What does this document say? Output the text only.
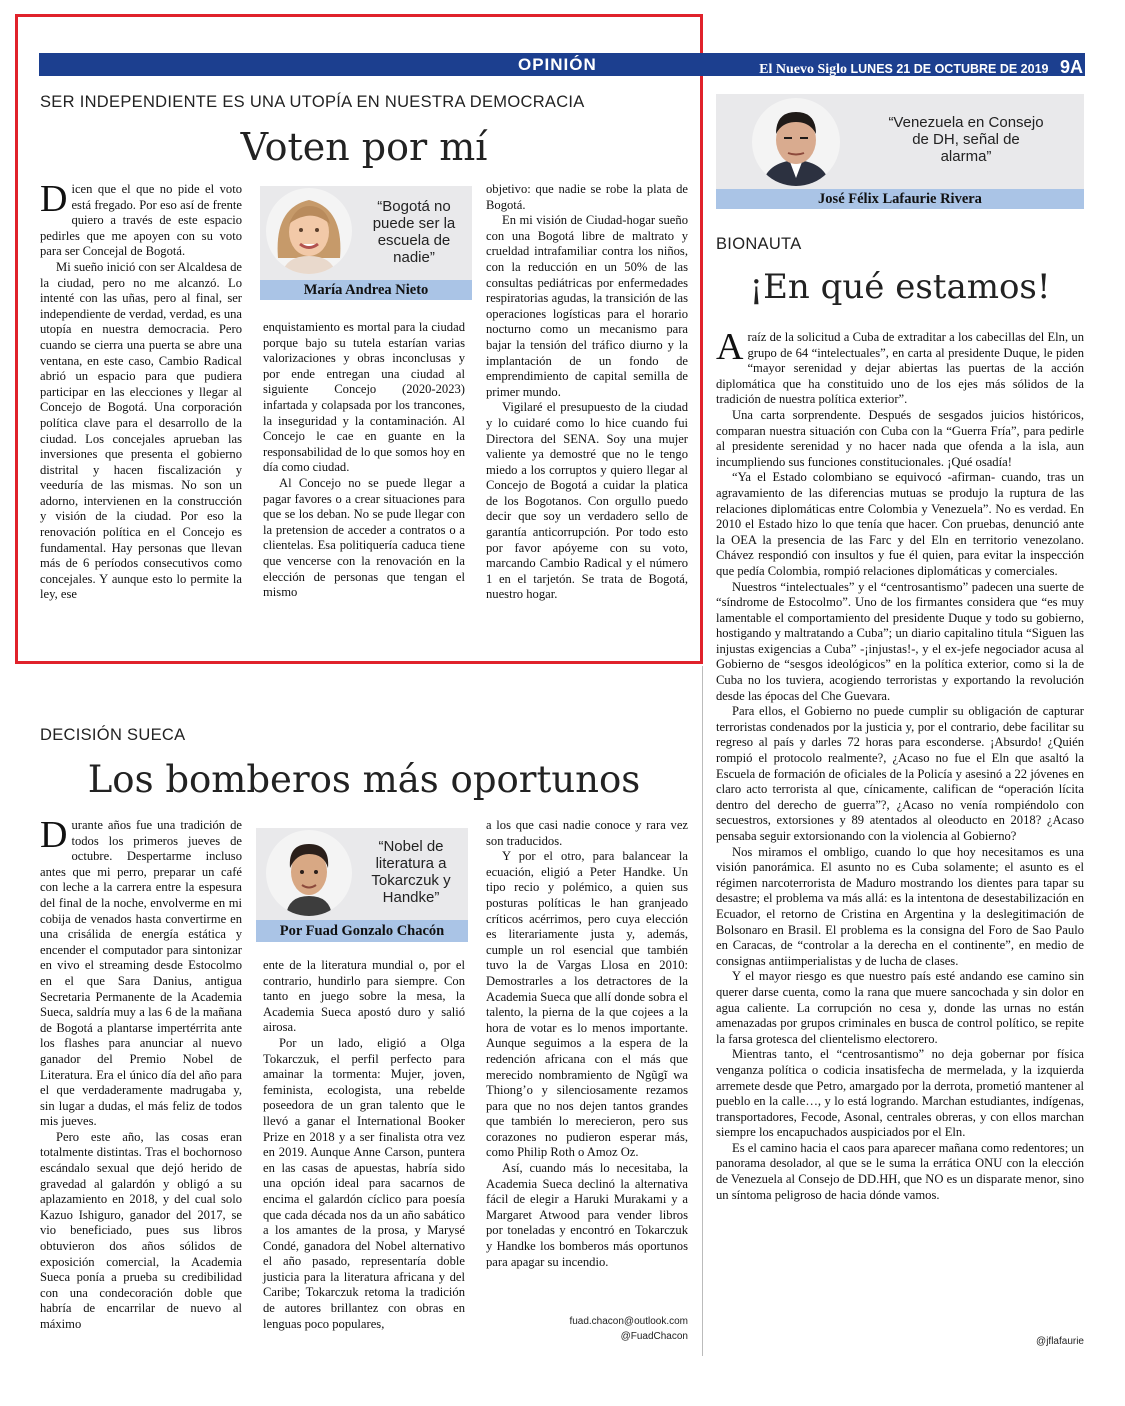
OPINIÓN	El Nuevo Siglo LUNES 21 DE OCTUBRE DE 2019 9A
SER INDEPENDIENTE ES UNA UTOPÍA EN NUESTRA DEMOCRACIA
Voten por mí

Dicen que el que no pide el voto está fregado. Por eso así de frente quiero a través de este espacio pedirles que me apoyen con su voto para ser Concejal de Bogotá.

Mi sueño inició con ser Alcaldesa de la ciudad, pero no me alcanzó. Lo intenté con las uñas, pero al final, ser independiente de verdad, verdad, es una utopía en nuestra democracia. Pero cuando se cierra una puerta se abre una ventana, en este caso, Cambio Radical abrió un espacio para que pudiera participar en las elecciones y llegar al Concejo de Bogotá. Una corporación política clave para el desarrollo de la ciudad. Los concejales aprueban las inversiones que presenta el gobierno distrital y hacen fiscalización y veeduría de las mismas. No son un adorno, intervienen en la construcción y visión de la ciudad. Por eso la renovación política en el Concejo es fundamental. Hay personas que llevan más de 6 períodos consecutivos como concejales. Y aunque esto lo permite la ley, ese

“Bogotá no puede ser la escuela de nadie”
María Andrea Nieto

enquistamiento es mortal para la ciudad porque bajo su tutela estarían varias valorizaciones y obras inconclusas y por ende entregan una ciudad al siguiente Concejo (2020-2023) infartada y colapsada por los trancones, la inseguridad y la contaminación. Al Concejo le cae en guante en la responsabilidad de lo que somos hoy en día como ciudad.

Al Concejo no se puede llegar a pagar favores o a crear situaciones para que se los deban. No se pude llegar con la pretension de acceder a contratos o a clientelas. Esa politiquería caduca tiene que vencerse con la renovación en la elección de personas que tengan el mismo

objetivo: que nadie se robe la plata de Bogotá.

En mi visión de Ciudad-hogar sueño con una Bogotá libre de maltrato y crueldad intrafamiliar contra los niños, con la reducción en un 50% de las consultas pediátricas por enfermedades respiratorias agudas, la transición de las operaciones logísticas para el horario nocturno como un mecanismo para bajar la tensión del tráfico diurno y la implantación de un fondo de emprendimiento de capital semilla de primer mundo.

Vigilaré el presupuesto de la ciudad y lo cuidaré como lo hice cuando fui Directora del SENA. Soy una mujer valiente ya demostré que no le tengo miedo a los corruptos y quiero llegar al Concejo de Bogotá a cuidar la platica de los Bogotanos. Con orgullo puedo decir que soy un verdadero sello de garantía anticorrupción. Por todo esto por favor apóyeme con su voto, marcando Cambio Radical y el número 1 en el tarjetón. Se trata de Bogotá, nuestro hogar.

DECISIÓN SUECA
Los bomberos más oportunos

Durante años fue una tradición de todos los primeros jueves de octubre. Despertarme incluso antes que mi perro, preparar un café con leche a la carrera entre la espesura del final de la noche, envolverme en mi cobija de venados hasta convertirme en una crisálida de energía estática y encender el computador para sintonizar en vivo el streaming desde Estocolmo en el que Sara Danius, antigua Secretaria Permanente de la Academia Sueca, saldría muy a las 6 de la mañana de Bogotá a plantarse impertérrita ante los flashes para anunciar al nuevo ganador del Premio Nobel de Literatura. Era el único día del año para el que verdaderamente madrugaba y, sin lugar a dudas, el más feliz de todos mis jueves.

Pero este año, las cosas eran totalmente distintas. Tras el bochornoso escándalo sexual que dejó herido de gravedad al galardón y obligó a su aplazamiento en 2018, y del cual solo Kazuo Ishiguro, ganador del 2017, se vio beneficiado, pues sus libros obtuvieron dos años sólidos de exposición comercial, la Academia Sueca ponía a prueba su credibilidad con una condecoración doble que habría de encarrilar de nuevo al máximo

“Nobel de literatura a Tokarczuk y Handke”
Por Fuad Gonzalo Chacón

ente de la literatura mundial o, por el contrario, hundirlo para siempre. Con tanto en juego sobre la mesa, la Academia Sueca apostó duro y salió airosa.

Por un lado, eligió a Olga Tokarczuk, el perfil perfecto para amainar la tormenta: Mujer, joven, feminista, ecologista, una rebelde poseedora de un gran talento que le llevó a ganar el International Booker Prize en 2018 y a ser finalista otra vez en 2019. Aunque Anne Carson, puntera en las casas de apuestas, habría sido una opción ideal para sacarnos de encima el galardón cíclico para poesía que cada década nos da un año sabático a los amantes de la prosa, y Marysé Condé, ganadora del Nobel alternativo el año pasado, representaría doble justicia para la literatura africana y del Caribe; Tokarczuk retoma la tradición de autores brillantez con obras en lenguas poco populares,

a los que casi nadie conoce y rara vez son traducidos.

Y por el otro, para balancear la ecuación, eligió a Peter Handke. Un tipo recio y polémico, a quien sus posturas políticas le han granjeado críticos acérrimos, pero cuya elección es literariamente justa y, además, cumple un rol esencial que también tuvo la de Vargas Llosa en 2010: Demostrarles a los detractores de la Academia Sueca que allí donde sobra el talento, la pierna de la que cojees a la hora de votar es lo menos importante. Aunque seguimos a la espera de la redención africana con el más que merecido nombramiento de Ngũgĩ wa Thiong’o y silenciosamente rezamos para que no nos dejen tantos grandes que también lo merecieron, pero sus corazones no pudieron esperar más, como Philip Roth o Amoz Oz.

Así, cuando más lo necesitaba, la Academia Sueca declinó la alternativa fácil de elegir a Haruki Murakami y a Margaret Atwood para vender libros por toneladas y encontró en Tokarczuk y Handke los bomberos más oportunos para apagar su incendio.

fuad.chacon@outlook.com
@FuadChacon
“Venezuela en Consejo de DH, señal de alarma”
José Félix Lafaurie Rivera
BIONAUTA
¡En qué estamos!

Araíz de la solicitud a Cuba de extraditar a los cabecillas del Eln, un grupo de 64 “intelectuales”, en carta al presidente Duque, le piden “mayor serenidad y dejar abiertas las puertas de la acción diplomática que ha constituido uno de los ejes más sólidos de la tradición de nuestra política exterior”.

Una carta sorprendente. Después de sesgados juicios históricos, comparan nuestra situación con Cuba con la “Guerra Fría”, para pedirle al presidente serenidad y no hacer nada que ofenda a la isla, aun incumpliendo sus funciones constitucionales. ¡Qué osadía!

“Ya el Estado colombiano se equivocó -afirman- cuando, tras un agravamiento de las diferencias mutuas se produjo la ruptura de las relaciones diplomáticas entre Colombia y Venezuela”. No es verdad. En 2010 el Estado hizo lo que tenía que hacer. Con pruebas, denunció ante la OEA la presencia de las Farc y del Eln en territorio venezolano. Chávez respondió con insultos y fue él quien, para evitar la inspección que pedía Colombia, rompió relaciones diplomáticas y comerciales.

Nuestros “intelectuales” y el “centrosantismo” padecen una suerte de “síndrome de Estocolmo”. Uno de los firmantes considera que “es muy lamentable el comportamiento del presidente Duque y todo su gobierno, hostigando y maltratando a Cuba”; un diario capitalino titula “Siguen las injustas exigencias a Cuba” -¡injustas!-, y el ex-jefe negociador acusa al Gobierno de “sesgos ideológicos” en la política exterior, como si la de Cuba no los tuviera, acogiendo terroristas y exportando la revolución desde las épocas del Che Guevara.

Para ellos, el Gobierno no puede cumplir su obligación de capturar terroristas condenados por la justicia y, por el contrario, debe facilitar su regreso al país y darles 72 horas para esconderse. ¡Absurdo! ¿Quién rompió el protocolo realmente?, ¿Acaso no fue el Eln que asaltó la Escuela de formación de oficiales de la Policía y asesinó a 22 jóvenes en claro acto terrorista al que, cínicamente, califican de “operación lícita dentro del derecho de guerra”?, ¿Acaso no venía rompiéndolo con secuestros, extorsiones y 89 atentados al oleoducto en 2018? ¿Acaso pensaba seguir extorsionando con la violencia al Gobierno?

Nos miramos el ombligo, cuando lo que hoy necesitamos es una visión panorámica. El asunto no es Cuba solamente; el asunto es el régimen narcoterrorista de Maduro mostrando los dientes para tapar su desastre; el problema va más allá: es la intentona de desestabilización en Ecuador, el retorno de Cristina en Argentina y la deslegitimación de Bolsonaro en Brasil. El problema es la consigna del Foro de Sao Paulo en Caracas, de “controlar a la derecha en el continente”, en medio de consignas antiimperialistas y de lucha de clases.

Y el mayor riesgo es que nuestro país esté andando ese camino sin querer darse cuenta, como la rana que muere sancochada y sin dolor en agua caliente. La corrupción no cesa y, donde las urnas no están amenazadas por grupos criminales en busca de control político, se repite la farsa grotesca del clientelismo electorero.

Mientras tanto, el “centrosantismo” no deja gobernar por física venganza política o codicia insatisfecha de mermelada, y la izquierda arremete desde que Petro, amargado por la derrota, prometió mantener al pueblo en la calle…, y lo está logrando. Marchan estudiantes, indígenas, transportadores, Fecode, Asonal, centrales obreras, y con ellos marchan siempre los encapuchados auspiciados por el Eln.

Es el camino hacia el caos para aparecer mañana como redentores; un panorama desolador, al que se le suma la errática ONU con la elección de Venezuela al Consejo de DD.HH, que NO es un disparate menor, sino un síntoma peligroso de hacia dónde vamos.

@jflafaurie
